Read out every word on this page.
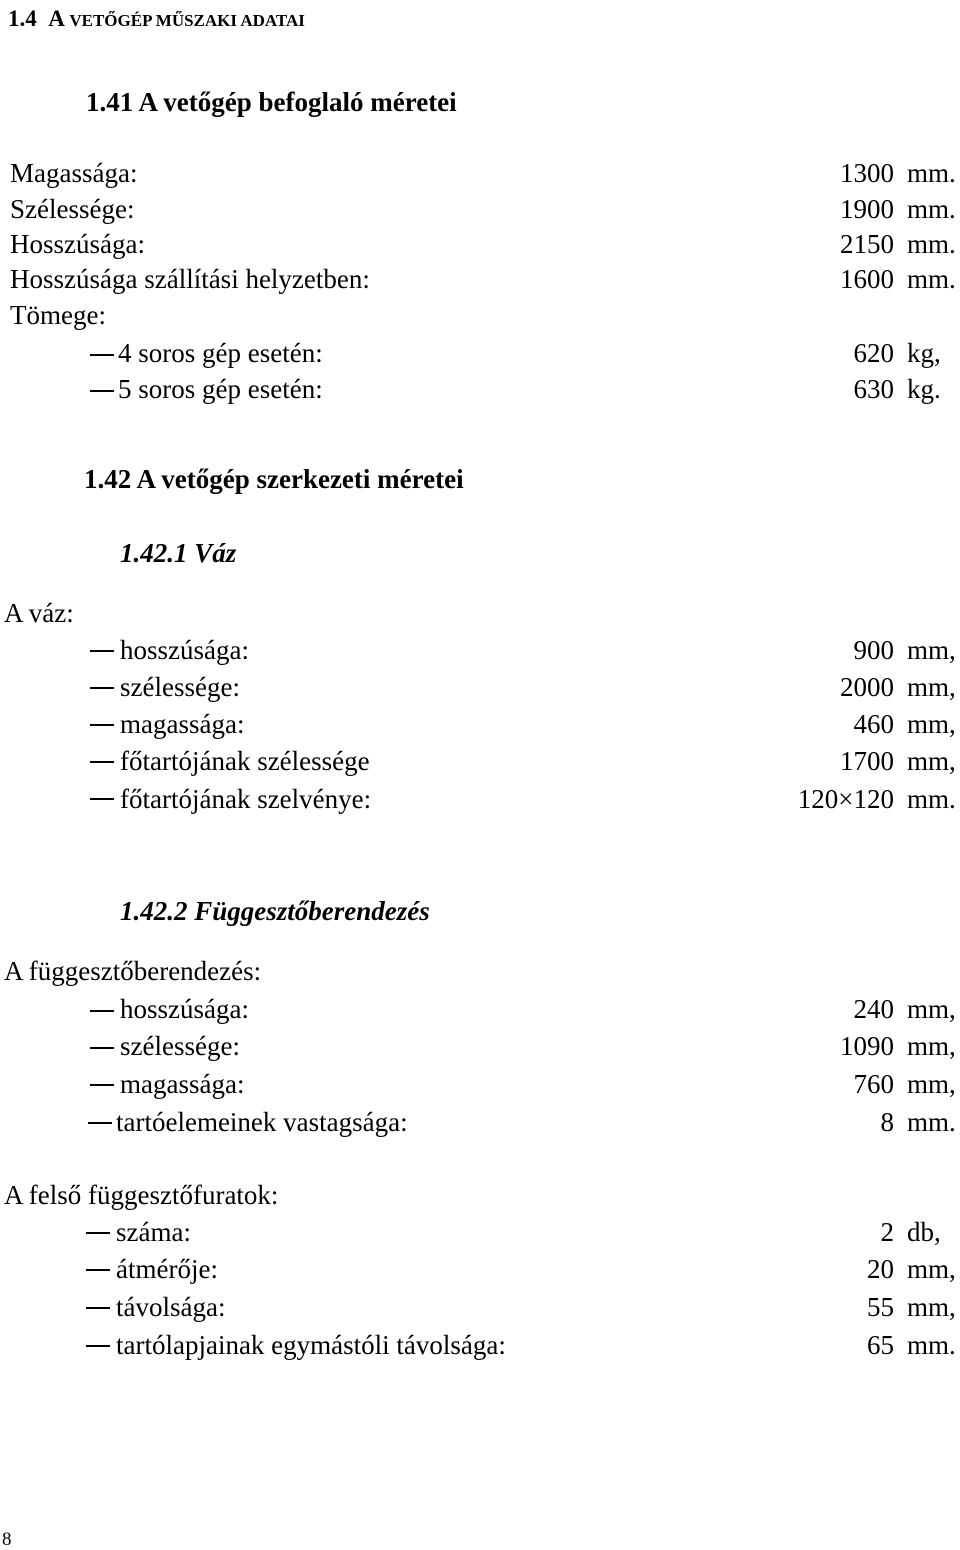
1.4 A VETŐGÉP MŰSZAKI ADATAI
1.41 A vetőgép befoglaló méretei
Magassága:	1300 mm.
Szélessége:	1900 mm.
Hosszúsága:	2150 mm.
Hosszúsága szállítási helyzetben:	1600 mm.
Tömege:
4 soros gép esetén:	620 kg,
5 soros gép esetén:	630 kg.
1.42 A vetőgép szerkezeti méretei
1.42.1 Váz
A váz:
hosszúsága:	900 mm,
szélessége:	2000 mm,
magassága:	460 mm,
főtartójának szélessége	1700 mm,
főtartójának szelvénye:	120×120 mm.
1.42.2 Függesztőberendezés
A függesztőberendezés:
hosszúsága:	240 mm,
szélessége:	1090 mm,
magassága:	760 mm,
tartóelemeinek vastagsága:	8 mm.
A felső függesztőfuratok:
száma:	2 db,
átmérője:	20 mm,
távolsága:	55 mm,
tartólapjainak egymástóli távolsága:	65 mm.
8
